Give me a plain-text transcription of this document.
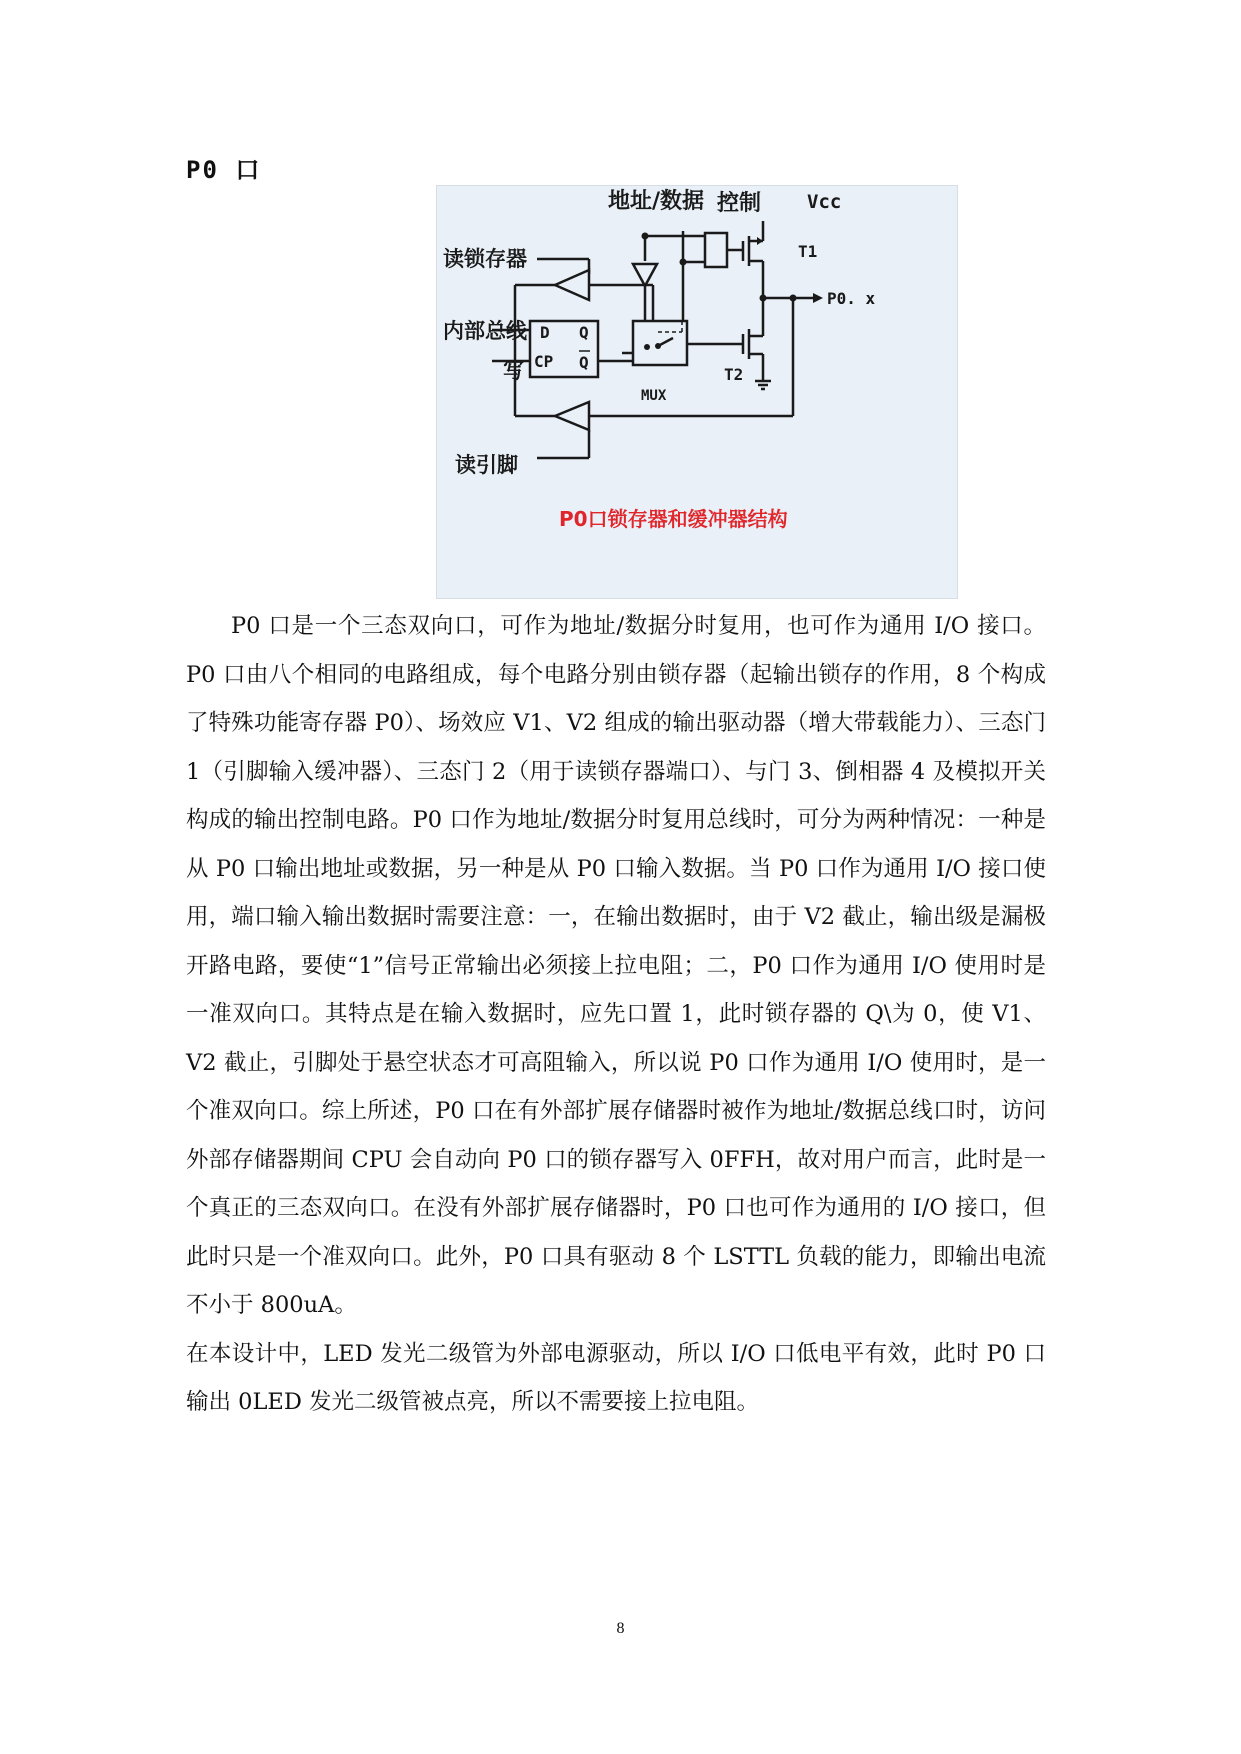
P0 口
地址/数据 控制 Vcc
T1
读锁存器
内部总线
写
读引脚
D Q
CP Q
MUX
T2
P0. x
P0口锁存器和缓冲器结构

P0 口是一个三态双向口，可作为地址/数据分时复用，也可作为通用 I/O 接口。P0 口由八个相同的电路组成，每个电路分别由锁存器（起输出锁存的作用，8 个构成了特殊功能寄存器 P0）、场效应 V1、V2 组成的输出驱动器（增大带载能力）、三态门 1（引脚输入缓冲器）、三态门 2（用于读锁存器端口）、与门 3、倒相器 4 及模拟开关构成的输出控制电路。P0 口作为地址/数据分时复用总线时，可分为两种情况：一种是从 P0 口输出地址或数据，另一种是从 P0 口输入数据。当 P0 口作为通用 I/O 接口使用，端口输入输出数据时需要注意：一，在输出数据时，由于 V2 截止，输出级是漏极开路电路，要使“1”信号正常输出必须接上拉电阻；二，P0 口作为通用 I/O 使用时是一准双向口。其特点是在输入数据时，应先口置 1，此时锁存器的 Q\为 0，使 V1、V2 截止，引脚处于悬空状态才可高阻输入，所以说 P0 口作为通用 I/O 使用时，是一个准双向口。综上所述，P0 口在有外部扩展存储器时被作为地址/数据总线口时，访问外部存储器期间 CPU 会自动向 P0 口的锁存器写入 0FFH，故对用户而言，此时是一个真正的三态双向口。在没有外部扩展存储器时，P0 口也可作为通用的 I/O 接口，但此时只是一个准双向口。此外，P0 口具有驱动 8 个 LSTTL 负载的能力，即输出电流不小于 800uA。

在本设计中，LED 发光二级管为外部电源驱动，所以 I/O 口低电平有效，此时 P0 口输出 0LED 发光二级管被点亮，所以不需要接上拉电阻。

8
